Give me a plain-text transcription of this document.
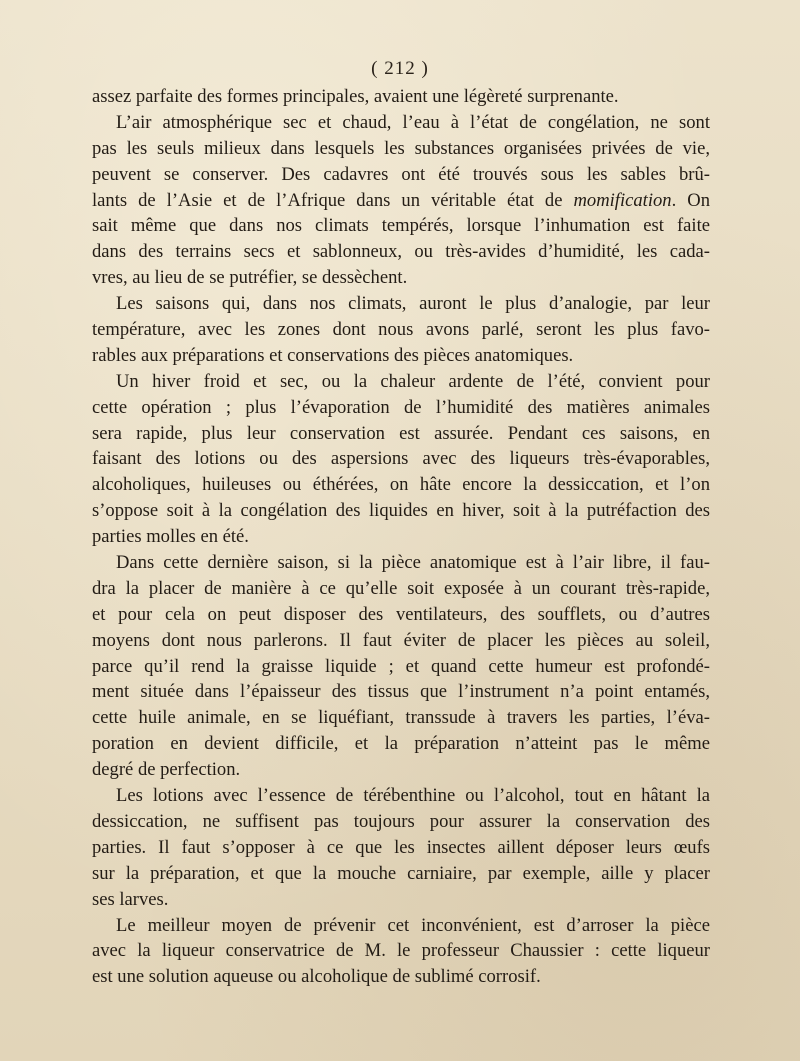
( 212 )
assez parfaite des formes principales, avaient une légèreté surprenante.
L’air atmosphérique sec et chaud, l’eau à l’état de congélation, ne sont
pas les seuls milieux dans lesquels les substances organisées privées de vie,
peuvent se conserver. Des cadavres ont été trouvés sous les sables brû-
lants de l’Asie et de l’Afrique dans un véritable état de momification. On
sait même que dans nos climats tempérés, lorsque l’inhumation est faite
dans des terrains secs et sablonneux, ou très-avides d’humidité, les cada-
vres, au lieu de se putréfier, se dessèchent.
Les saisons qui, dans nos climats, auront le plus d’analogie, par leur
température, avec les zones dont nous avons parlé, seront les plus favo-
rables aux préparations et conservations des pièces anatomiques.
Un hiver froid et sec, ou la chaleur ardente de l’été, convient pour
cette opération ; plus l’évaporation de l’humidité des matières animales
sera rapide, plus leur conservation est assurée. Pendant ces saisons, en
faisant des lotions ou des aspersions avec des liqueurs très-évaporables,
alcoholiques, huileuses ou éthérées, on hâte encore la dessiccation, et l’on
s’oppose soit à la congélation des liquides en hiver, soit à la putréfaction des
parties molles en été.
Dans cette dernière saison, si la pièce anatomique est à l’air libre, il fau-
dra la placer de manière à ce qu’elle soit exposée à un courant très-rapide,
et pour cela on peut disposer des ventilateurs, des soufflets, ou d’autres
moyens dont nous parlerons. Il faut éviter de placer les pièces au soleil,
parce qu’il rend la graisse liquide ; et quand cette humeur est profondé-
ment située dans l’épaisseur des tissus que l’instrument n’a point entamés,
cette huile animale, en se liquéfiant, transsude à travers les parties, l’éva-
poration en devient difficile, et la préparation n’atteint pas le même
degré de perfection.
Les lotions avec l’essence de térébenthine ou l’alcohol, tout en hâtant la
dessiccation, ne suffisent pas toujours pour assurer la conservation des
parties. Il faut s’opposer à ce que les insectes aillent déposer leurs œufs
sur la préparation, et que la mouche carniaire, par exemple, aille y placer
ses larves.
Le meilleur moyen de prévenir cet inconvénient, est d’arroser la pièce
avec la liqueur conservatrice de M. le professeur Chaussier : cette liqueur
est une solution aqueuse ou alcoholique de sublimé corrosif.
